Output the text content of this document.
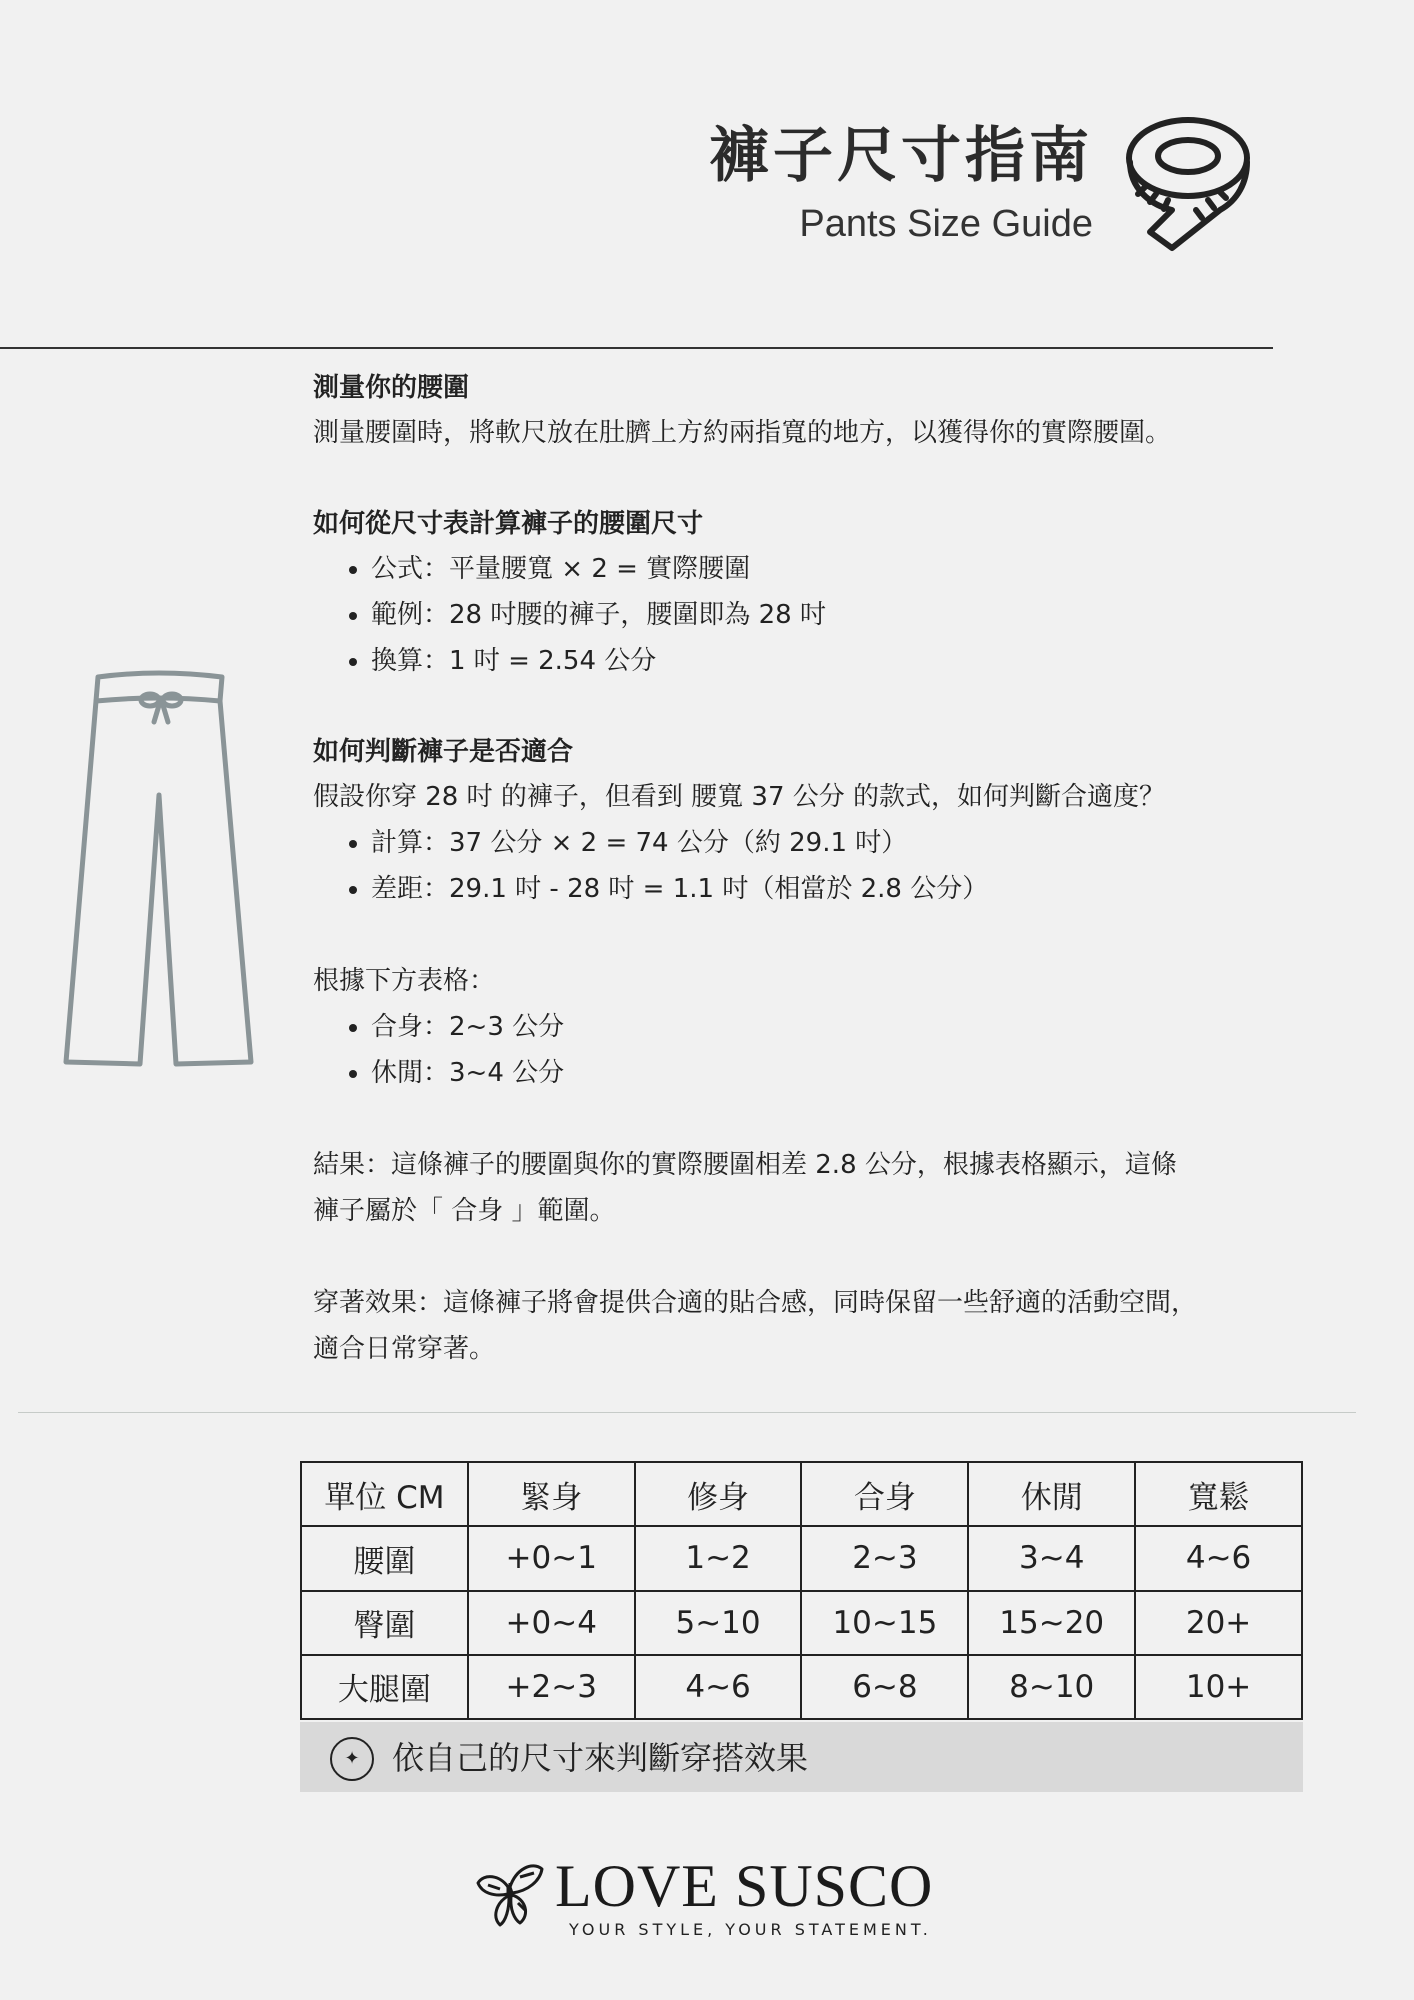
褲子尺寸指南
Pants Size Guide
測量你的腰圍

測量腰圍時，將軟尺放在肚臍上方約兩指寬的地方，以獲得你的實際腰圍。

如何從尺寸表計算褲子的腰圍尺寸
• 公式：平量腰寬 × 2 = 實際腰圍
• 範例：28 吋腰的褲子，腰圍即為 28 吋
• 換算：1 吋 = 2.54 公分
如何判斷褲子是否適合

假設你穿 28 吋 的褲子，但看到 腰寬 37 公分 的款式，如何判斷合適度？

• 計算：37 公分 × 2 = 74 公分（約 29.1 吋）
• 差距：29.1 吋 - 28 吋 = 1.1 吋（相當於 2.8 公分）

根據下方表格：

• 合身：2~3 公分
• 休閒：3~4 公分

結果：這條褲子的腰圍與你的實際腰圍相差 2.8 公分，根據表格顯示，這條

褲子屬於「 合身 」範圍。

穿著效果：這條褲子將會提供合適的貼合感，同時保留一些舒適的活動空間，

適合日常穿著。

單位 CM	緊身	修身	合身	休閒	寬鬆
腰圍	+0~1	1~2	2~3	3~4	4~6
臀圍	+0~4	5~10	10~15	15~20	20+
大腿圍	+2~3	4~6	6~8	8~10	10+
✦	依自己的尺寸來判斷穿搭效果
LOVE SUSCO
YOUR STYLE, YOUR STATEMENT.
